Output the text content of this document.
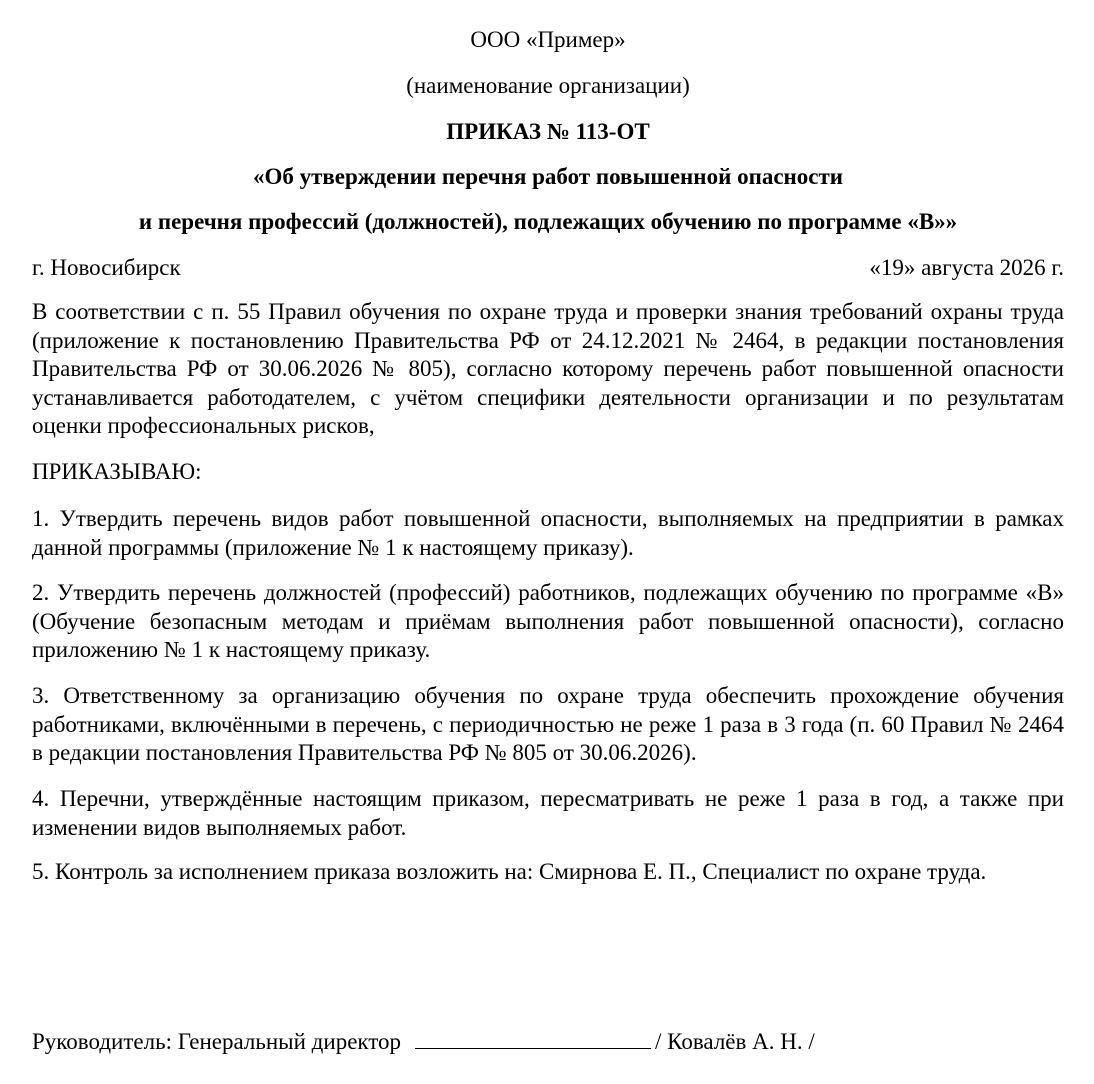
ООО «Пример»
(наименование организации)
ПРИКАЗ № 113-ОТ
«Об утверждении перечня работ повышенной опасности
и перечня профессий (должностей), подлежащих обучению по программе «В»»
г. Новосибирск	«19» августа 2026 г.
В соответствии с п. 55 Правил обучения по охране труда и проверки знания требований охраны труда (приложение к постановлению Правительства РФ от 24.12.2021 № 2464, в редакции постановления Правительства РФ от 30.06.2026 № 805), согласно которому перечень работ повышенной опасности устанавливается работодателем, с учётом специфики деятельности организации и по результатам оценки профессиональных рисков,
ПРИКАЗЫВАЮ:
1. Утвердить перечень видов работ повышенной опасности, выполняемых на предприятии в рамках данной программы (приложение № 1 к настоящему приказу).
2. Утвердить перечень должностей (профессий) работников, подлежащих обучению по программе «В» (Обучение безопасным методам и приёмам выполнения работ повышенной опасности), согласно приложению № 1 к настоящему приказу.
3. Ответственному за организацию обучения по охране труда обеспечить прохождение обучения работниками, включёнными в перечень, с периодичностью не реже 1 раза в 3 года (п. 60 Правил № 2464 в редакции постановления Правительства РФ № 805 от 30.06.2026).
4. Перечни, утверждённые настоящим приказом, пересматривать не реже 1 раза в год, а также при изменении видов выполняемых работ.
5. Контроль за исполнением приказа возложить на: Смирнова Е. П., Специалист по охране труда.
Руководитель: Генеральный директор	/ Ковалёв А. Н. /
